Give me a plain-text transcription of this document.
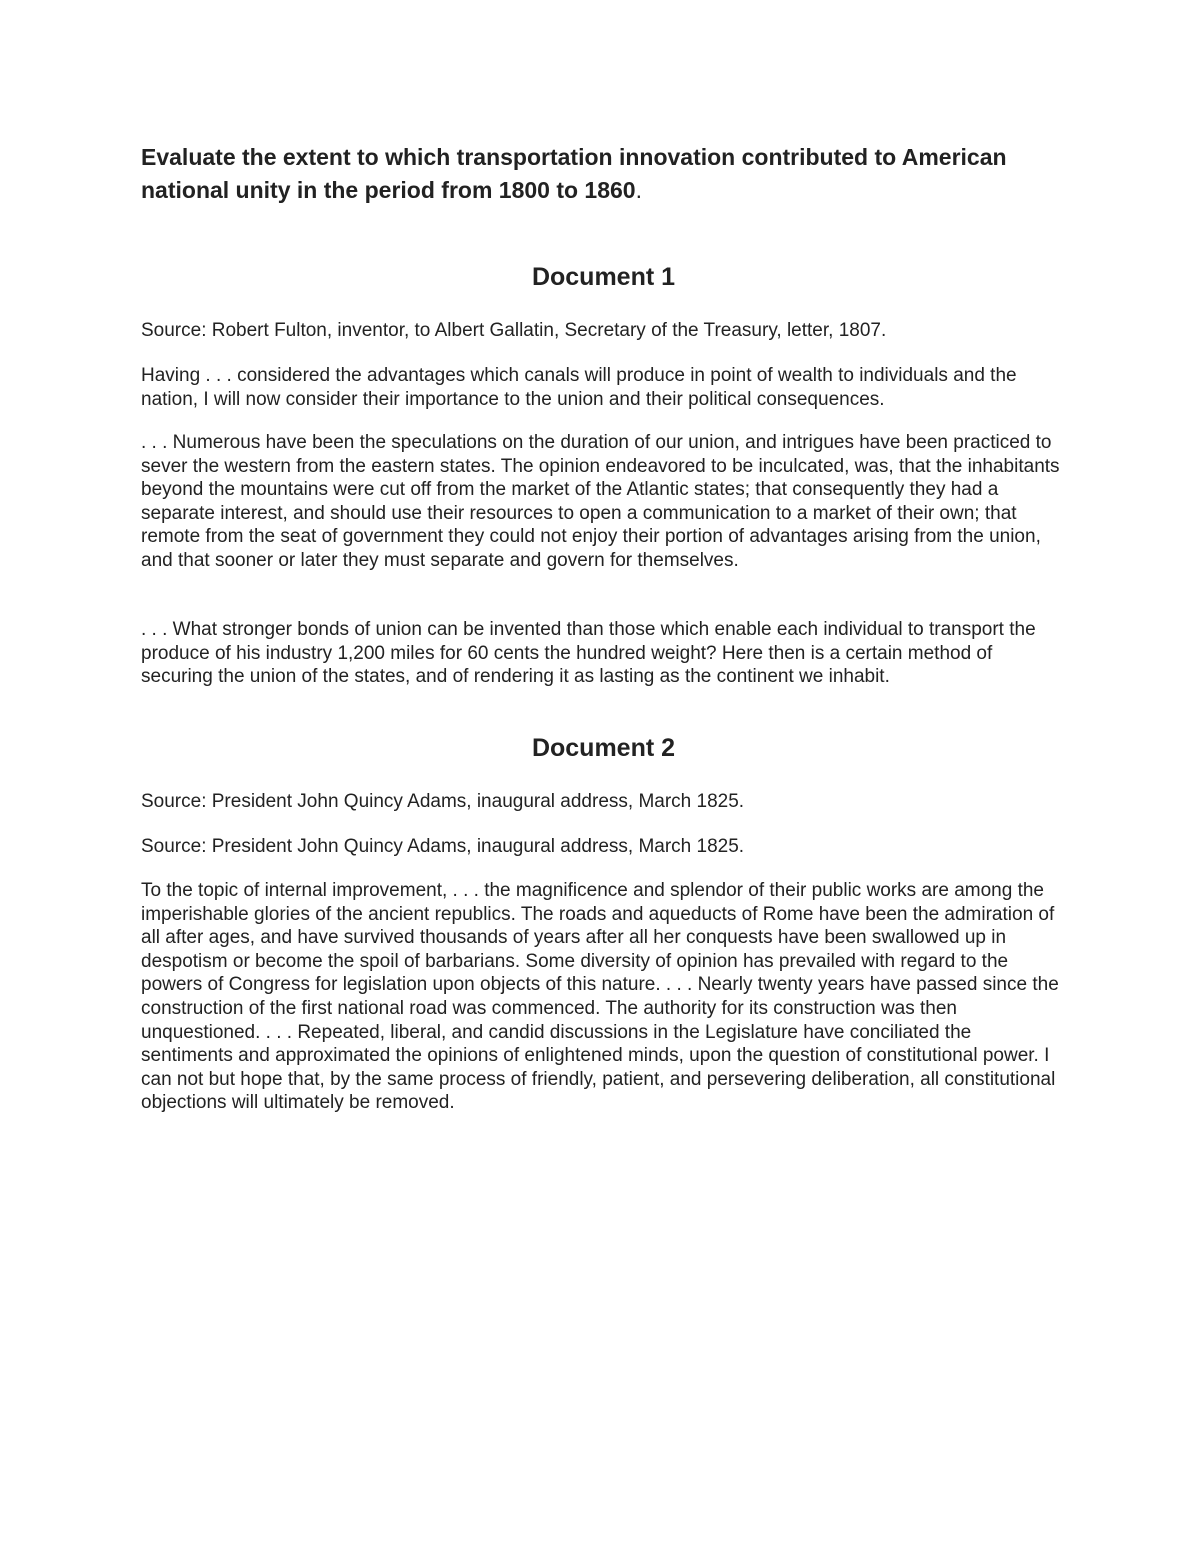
Evaluate the extent to which transportation innovation contributed to American national unity in the period from 1800 to 1860.

Document 1

Source: Robert Fulton, inventor, to Albert Gallatin, Secretary of the Treasury, letter, 1807.

Having . . . considered the advantages which canals will produce in point of wealth to individuals and the nation, I will now consider their importance to the union and their political consequences.

. . . Numerous have been the speculations on the duration of our union, and intrigues have been practiced to sever the western from the eastern states. The opinion endeavored to be inculcated, was, that the inhabitants beyond the mountains were cut off from the market of the Atlantic states; that consequently they had a separate interest, and should use their resources to open a communication to a market of their own; that remote from the seat of government they could not enjoy their portion of advantages arising from the union, and that sooner or later they must separate and govern for themselves.

. . . What stronger bonds of union can be invented than those which enable each individual to transport the produce of his industry 1,200 miles for 60 cents the hundred weight? Here then is a certain method of securing the union of the states, and of rendering it as lasting as the continent we inhabit.

Document 2

Source: President John Quincy Adams, inaugural address, March 1825.

Source: President John Quincy Adams, inaugural address, March 1825.

To the topic of internal improvement, . . . the magnificence and splendor of their public works are among the imperishable glories of the ancient republics. The roads and aqueducts of Rome have been the admiration of all after ages, and have survived thousands of years after all her conquests have been swallowed up in despotism or become the spoil of barbarians. Some diversity of opinion has prevailed with regard to the powers of Congress for legislation upon objects of this nature. . . . Nearly twenty years have passed since the construction of the first national road was commenced. The authority for its construction was then unquestioned. . . . Repeated, liberal, and candid discussions in the Legislature have conciliated the sentiments and approximated the opinions of enlightened minds, upon the question of constitutional power. I can not but hope that, by the same process of friendly, patient, and persevering deliberation, all constitutional objections will ultimately be removed.
